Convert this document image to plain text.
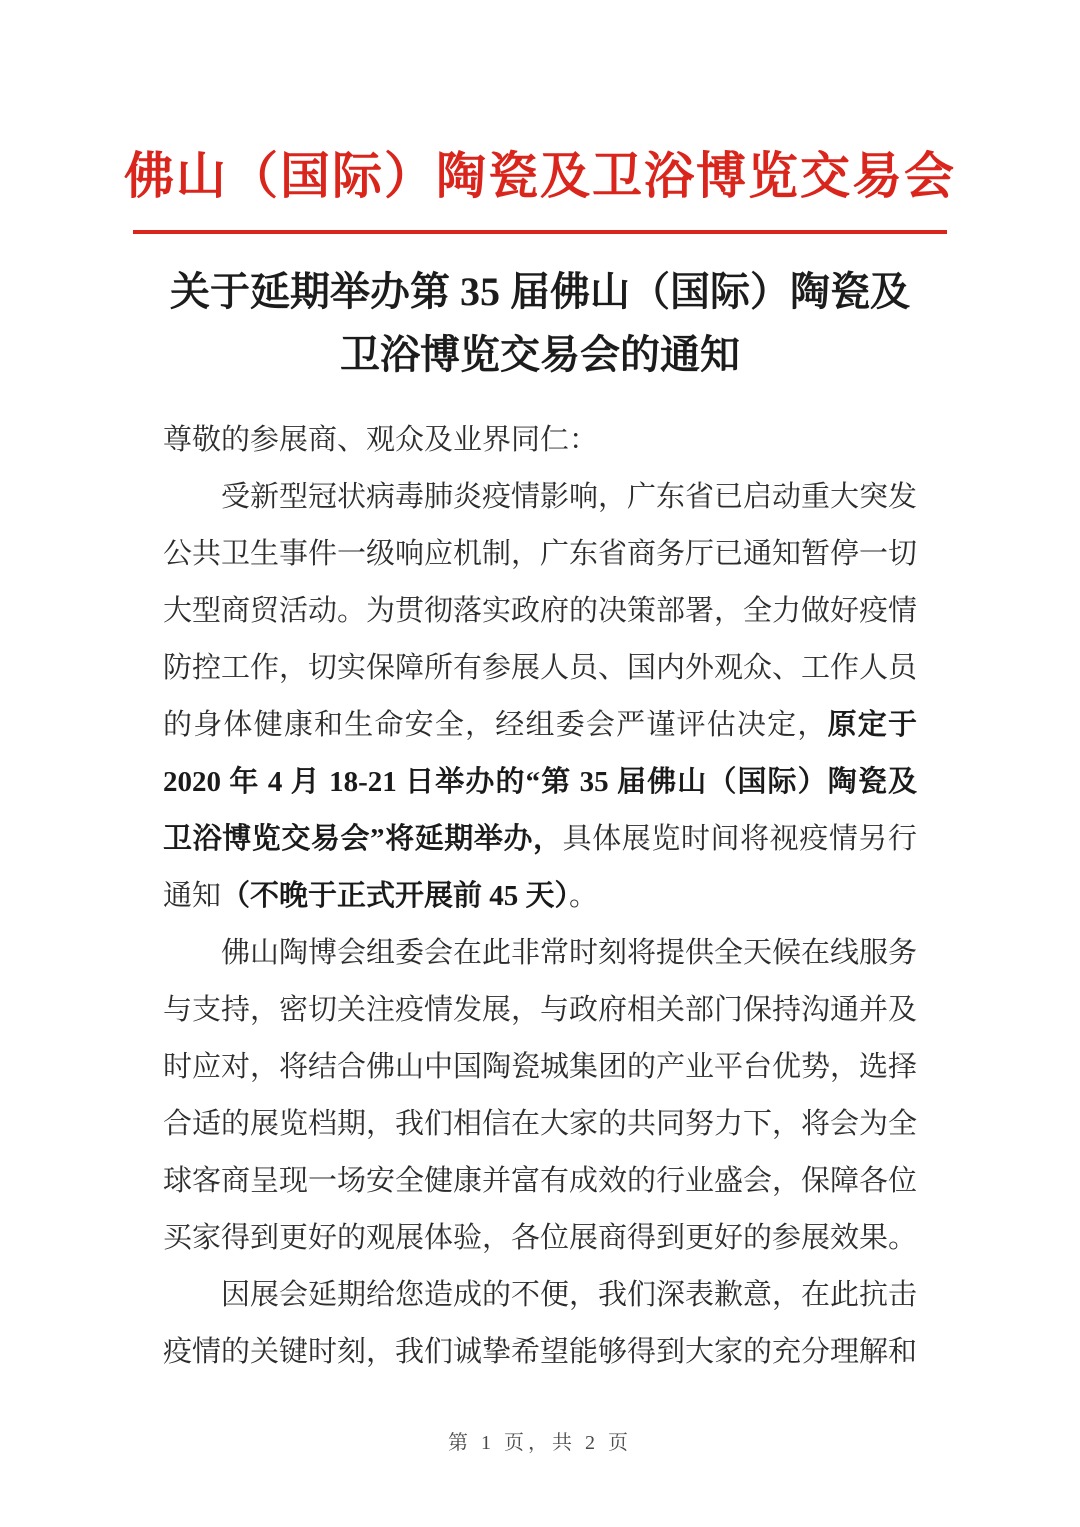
佛山（国际）陶瓷及卫浴博览交易会
关于延期举办第 35 届佛山（国际）陶瓷及
卫浴博览交易会的通知

尊敬的参展商、观众及业界同仁：

受新型冠状病毒肺炎疫情影响，广东省已启动重大突发公共卫生事件一级响应机制，广东省商务厅已通知暂停一切大型商贸活动。为贯彻落实政府的决策部署，全力做好疫情防控工作，切实保障所有参展人员、国内外观众、工作人员的身体健康和生命安全，经组委会严谨评估决定，原定于 2020 年 4 月 18-21 日举办的“第 35 届佛山（国际）陶瓷及卫浴博览交易会”将延期举办，具体展览时间将视疫情另行通知（不晚于正式开展前 45 天）。

佛山陶博会组委会在此非常时刻将提供全天候在线服务与支持，密切关注疫情发展，与政府相关部门保持沟通并及时应对，将结合佛山中国陶瓷城集团的产业平台优势，选择合适的展览档期，我们相信在大家的共同努力下，将会为全球客商呈现一场安全健康并富有成效的行业盛会，保障各位买家得到更好的观展体验，各位展商得到更好的参展效果。

因展会延期给您造成的不便，我们深表歉意，在此抗击疫情的关键时刻，我们诚挚希望能够得到大家的充分理解和

第 1 页，共 2 页
